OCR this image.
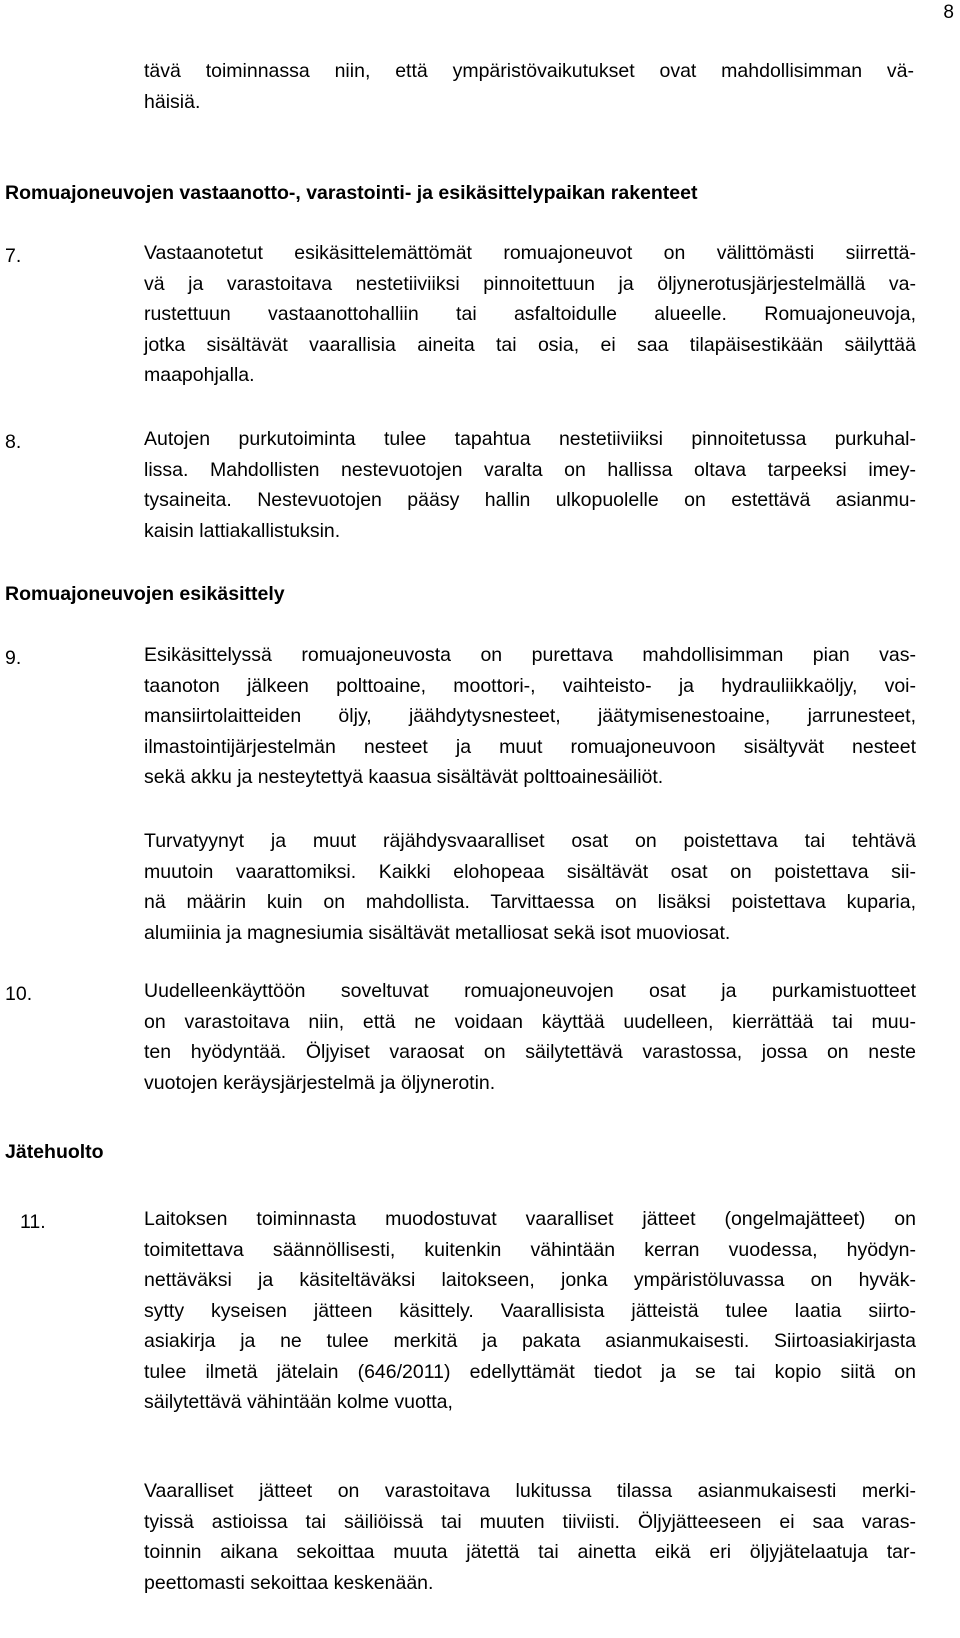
8
tävä toiminnassa niin, että ympäristövaikutukset ovat mahdollisimman vä-
häisiä.
Romuajoneuvojen vastaanotto-, varastointi- ja esikäsittelypaikan rakenteet
7.	Vastaanotetut esikäsittelemättömät romuajoneuvot on välittömästi siirrettä-
vä ja varastoitava nestetiiviiksi pinnoitettuun ja öljynerotusjärjestelmällä va-
rustettuun vastaanottohalliin tai asfaltoidulle alueelle. Romuajoneuvoja,
jotka sisältävät vaarallisia aineita tai osia, ei saa tilapäisestikään säilyttää
maapohjalla.
8.	Autojen purkutoiminta tulee tapahtua nestetiiviiksi pinnoitetussa purkuhal-
lissa. Mahdollisten nestevuotojen varalta on hallissa oltava tarpeeksi imey-
tysaineita. Nestevuotojen pääsy hallin ulkopuolelle on estettävä asianmu-
kaisin lattiakallistuksin.
Romuajoneuvojen esikäsittely
9.	Esikäsittelyssä romuajoneuvosta on purettava mahdollisimman pian vas-
taanoton jälkeen polttoaine, moottori-, vaihteisto- ja hydrauliikkaöljy, voi-
mansiirtolaitteiden öljy, jäähdytysnesteet, jäätymisenestoaine, jarrunesteet,
ilmastointijärjestelmän nesteet ja muut romuajoneuvoon sisältyvät nesteet
sekä akku ja nesteytettyä kaasua sisältävät polttoainesäiliöt.
Turvatyynyt ja muut räjähdysvaaralliset osat on poistettava tai tehtävä
muutoin vaarattomiksi. Kaikki elohopeaa sisältävät osat on poistettava sii-
nä määrin kuin on mahdollista. Tarvittaessa on lisäksi poistettava kuparia,
alumiinia ja magnesiumia sisältävät metalliosat sekä isot muoviosat.
10.	Uudelleenkäyttöön soveltuvat romuajoneuvojen osat ja purkamistuotteet
on varastoitava niin, että ne voidaan käyttää uudelleen, kierrättää tai muu-
ten hyödyntää. Öljyiset varaosat on säilytettävä varastossa, jossa on neste
vuotojen keräysjärjestelmä ja öljynerotin.
Jätehuolto
11.	Laitoksen toiminnasta muodostuvat vaaralliset jätteet (ongelmajätteet) on
toimitettava säännöllisesti, kuitenkin vähintään kerran vuodessa, hyödyn-
nettäväksi ja käsiteltäväksi laitokseen, jonka ympäristöluvassa on hyväk-
sytty kyseisen jätteen käsittely. Vaarallisista jätteistä tulee laatia siirto-
asiakirja ja ne tulee merkitä ja pakata asianmukaisesti. Siirtoasiakirjasta
tulee ilmetä jätelain (646/2011) edellyttämät tiedot ja se tai kopio siitä on
säilytettävä vähintään kolme vuotta,
Vaaralliset jätteet on varastoitava lukitussa tilassa asianmukaisesti merki-
tyissä astioissa tai säiliöissä tai muuten tiiviisti. Öljyjätteeseen ei saa varas-
toinnin aikana sekoittaa muuta jätettä tai ainetta eikä eri öljyjätelaatuja tar-
peettomasti sekoittaa keskenään.
